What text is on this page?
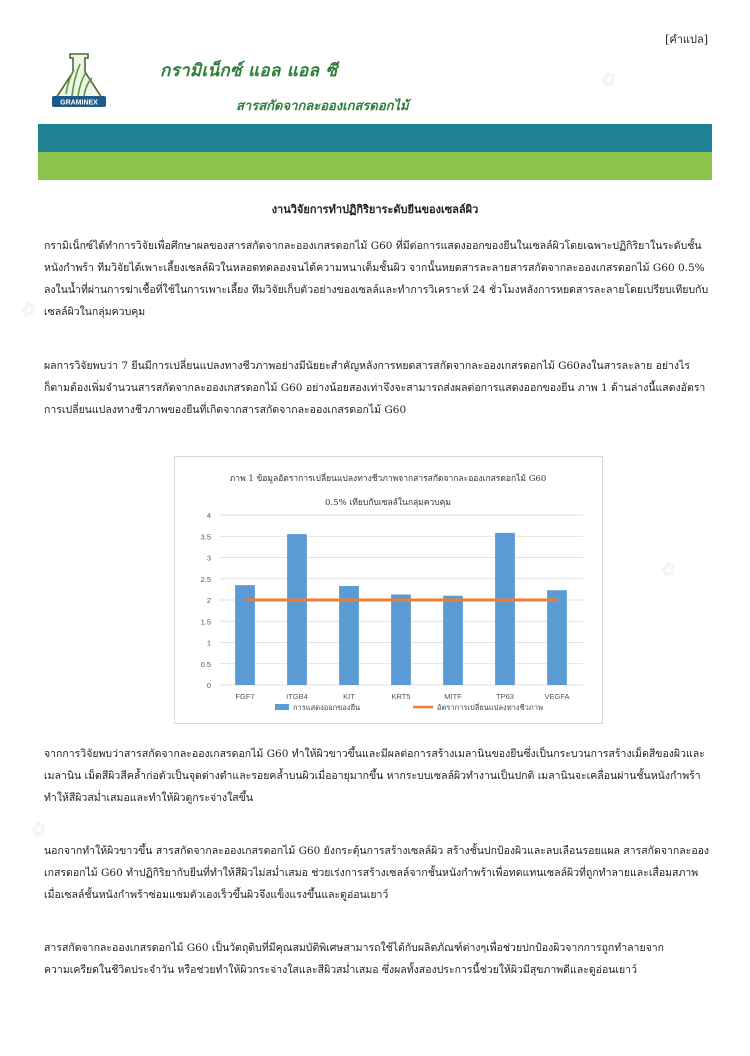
✿
✿
✿
✿
[คำแปล]
GRAMINEX
กรามิเน็กซ์ แอล แอล ซี
สารสกัดจากละอองเกสรดอกไม้
งานวิจัยการทำปฏิกิริยาระดับยีนของเซลล์ผิว

กรามิเน็กซ์ได้ทำการวิจัยเพื่อศึกษาผลของสารสกัดจากละอองเกสรดอกไม้ G60 ที่มีต่อการแสดงออกของยีนในเซลล์ผิวโดยเฉพาะปฏิกิริยาในระดับชั้นหนังกำพร้า ทีมวิจัยได้เพาะเลี้ยงเซลล์ผิวในหลอดทดลองจนได้ความหนาเต็มชั้นผิว จากนั้นหยดสารละลายสารสกัดจากละอองเกสรดอกไม้ G60 0.5% ลงในน้ำที่ผ่านการฆ่าเชื้อที่ใช้ในการเพาะเลี้ยง ทีมวิจัยเก็บตัวอย่างของเซลล์และทำการวิเคราะห์ 24 ชั่วโมงหลังการหยดสารละลายโดยเปรียบเทียบกับเซลล์ผิวในกลุ่มควบคุม

ผลการวิจัยพบว่า 7 ยีนมีการเปลี่ยนแปลงทางชีวภาพอย่างมีนัยยะสำคัญหลังการหยดสารสกัดจากละอองเกสรดอกไม้ G60ลงในสารละลาย อย่างไรก็ตามต้องเพิ่มจำนวนสารสกัดจากละอองเกสรดอกไม้ G60 อย่างน้อยสองเท่าจึงจะสามารถส่งผลต่อการแสดงออกของยีน ภาพ 1 ด้านล่างนี้แสดงอัตราการเปลี่ยนแปลงทางชีวภาพของยีนที่เกิดจากสารสกัดจากละอองเกสรดอกไม้ G60

ภาพ 1 ข้อมูลอัตราการเปลี่ยนแปลงทางชีวภาพจากสารสกัดจากละอองเกสรดอกไม้ G60
0.5% เทียบกับเซลล์ในกลุ่มควบคุม
0
0.5
1
1.5
2
2.5
3
3.5
4
FGF7	ITGB4	KIT	KRT5	MITF	TP63	VEGFA
การแสดงออกของยีน	อัตราการเปลี่ยนแปลงทางชีวภาพ

จากการวิจัยพบว่าสารสกัดจากละอองเกสรดอกไม้ G60 ทำให้ผิวขาวขึ้นและมีผลต่อการสร้างเมลานินของยีนซึ่งเป็นกระบวนการสร้างเม็ดสีของผิวและเมลานิน เม็ดสีผิวสีคล้ำก่อตัวเป็นจุดด่างดำและรอยคล้ำบนผิวเมื่ออายุมากขึ้น หากระบบเซลล์ผิวทำงานเป็นปกติ เมลานินจะเคลื่อนผ่านชั้นหนังกำพร้าทำให้สีผิวสม่ำเสมอและทำให้ผิวดูกระจ่างใสขึ้น

นอกจากทำให้ผิวขาวขึ้น สารสกัดจากละอองเกสรดอกไม้ G60 ยังกระตุ้นการสร้างเซลล์ผิว สร้างชั้นปกป้องผิวและลบเลือนรอยแผล สารสกัดจากละอองเกสรดอกไม้ G60 ทำปฏิกิริยากับยีนที่ทำให้สีผิวไม่สม่ำเสมอ ช่วยเร่งการสร้างเซลล์จากชั้นหนังกำพร้าเพื่อทดแทนเซลล์ผิวที่ถูกทำลายและเสื่อมสภาพ เมื่อเซลล์ชั้นหนังกำพร้าซ่อมแซมตัวเองเร็วขึ้นผิวจึงแข็งแรงขึ้นและดูอ่อนเยาว์

สารสกัดจากละอองเกสรดอกไม้ G60 เป็นวัตถุดิบที่มีคุณสมบัติพิเศษสามารถใช้ได้กับผลิตภัณฑ์ต่างๆเพื่อช่วยปกป้องผิวจากการถูกทำลายจากความเครียดในชีวิตประจำวัน หรือช่วยทำให้ผิวกระจ่างใสและสีผิวสม่ำเสมอ ซึ่งผลทั้งสองประการนี้ช่วยให้ผิวมีสุขภาพดีและดูอ่อนเยาว์
